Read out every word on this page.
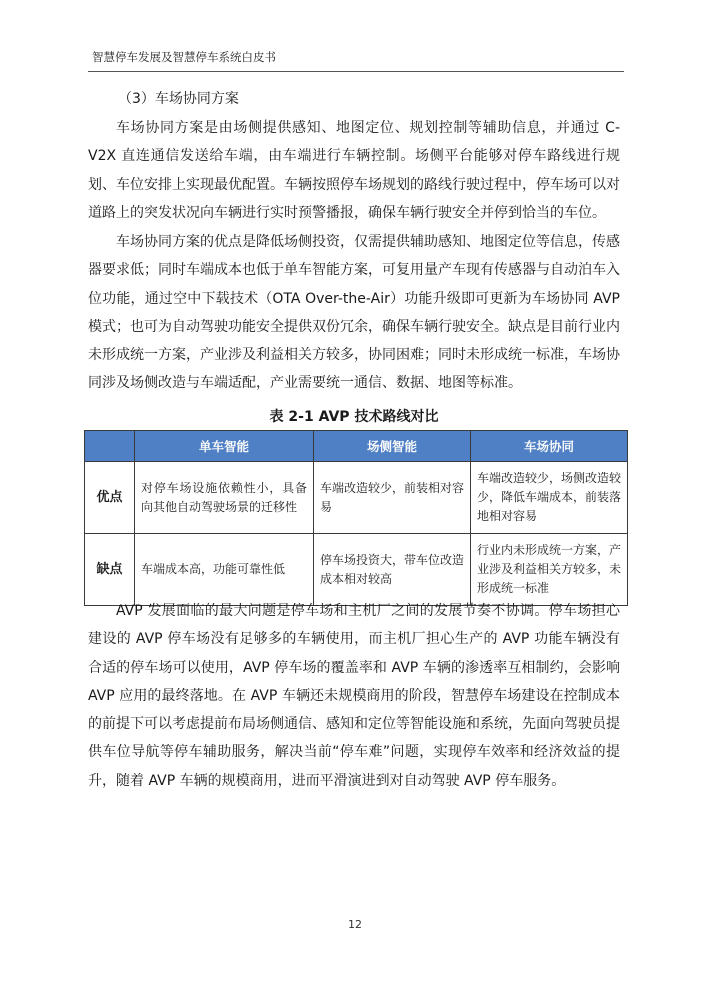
智慧停车发展及智慧停车系统白皮书
（3）车场协同方案

车场协同方案是由场侧提供感知、地图定位、规划控制等辅助信息，并通过 C-V2X 直连通信发送给车端，由车端进行车辆控制。场侧平台能够对停车路线进行规划、车位安排上实现最优配置。车辆按照停车场规划的路线行驶过程中，停车场可以对道路上的突发状况向车辆进行实时预警播报，确保车辆行驶安全并停到恰当的车位。

车场协同方案的优点是降低场侧投资，仅需提供辅助感知、地图定位等信息，传感器要求低；同时车端成本也低于单车智能方案，可复用量产车现有传感器与自动泊车入位功能，通过空中下载技术（OTA Over-the-Air）功能升级即可更新为车场协同 AVP 模式；也可为自动驾驶功能安全提供双份冗余，确保车辆行驶安全。缺点是目前行业内未形成统一方案，产业涉及利益相关方较多，协同困难；同时未形成统一标准，车场协同涉及场侧改造与车端适配，产业需要统一通信、数据、地图等标准。

表 2-1 AVP 技术路线对比
	单车智能	场侧智能	车场协同
优点	对停车场设施依赖性小，具备向其他自动驾驶场景的迁移性	车端改造较少，前装相对容易	车端改造较少，场侧改造较少，降低车端成本，前装落地相对容易
缺点	车端成本高，功能可靠性低	停车场投资大，带车位改造成本相对较高	行业内未形成统一方案，产业涉及利益相关方较多，未形成统一标准

AVP 发展面临的最大问题是停车场和主机厂之间的发展节奏不协调。停车场担心建设的 AVP 停车场没有足够多的车辆使用，而主机厂担心生产的 AVP 功能车辆没有合适的停车场可以使用，AVP 停车场的覆盖率和 AVP 车辆的渗透率互相制约，会影响 AVP 应用的最终落地。在 AVP 车辆还未规模商用的阶段，智慧停车场建设在控制成本的前提下可以考虑提前布局场侧通信、感知和定位等智能设施和系统，先面向驾驶员提供车位导航等停车辅助服务，解决当前“停车难”问题，实现停车效率和经济效益的提升，随着 AVP 车辆的规模商用，进而平滑演进到对自动驾驶 AVP 停车服务。

12
